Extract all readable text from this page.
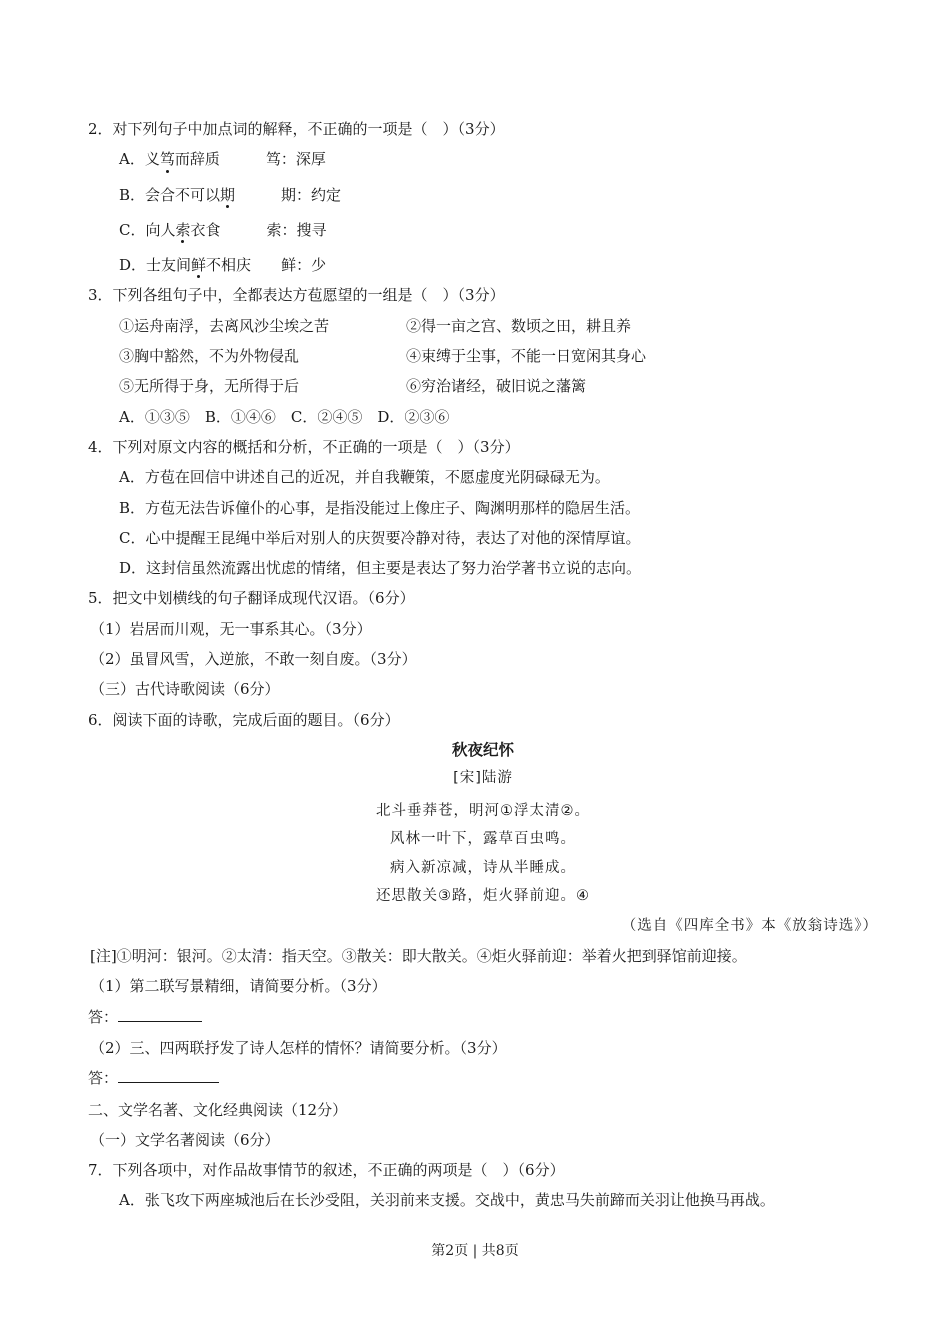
2．对下列句子中加点词的解释，不正确的一项是（　）（3分）
A．义笃而辞质	笃：深厚
B．会合不可以期	期：约定
C．向人索衣食	索：搜寻
D．士友间鲜不相庆 鲜：少
3．下列各组句子中，全都表达方苞愿望的一组是（　）（3分）
①运舟南浮，去离风沙尘埃之苦	②得一亩之宫、数顷之田，耕且养
③胸中豁然，不为外物侵乱	④束缚于尘事，不能一日宽闲其身心
⑤无所得于身，无所得于后	⑥穷治诸经，破旧说之藩篱
A．①③⑤　B．①④⑥　C．②④⑤　D．②③⑥
4．下列对原文内容的概括和分析，不正确的一项是（　）（3分）
A．方苞在回信中讲述自己的近况，并自我鞭策，不愿虚度光阴碌碌无为。
B．方苞无法告诉僮仆的心事，是指没能过上像庄子、陶渊明那样的隐居生活。
C．心中提醒王昆绳中举后对别人的庆贺要冷静对待，表达了对他的深情厚谊。
D．这封信虽然流露出忧虑的情绪，但主要是表达了努力治学著书立说的志向。
5．把文中划横线的句子翻译成现代汉语。（6分）
（1）岩居而川观，无一事系其心。（3分）
（2）虽冒风雪，入逆旅，不敢一刻自废。（3分）
（三）古代诗歌阅读（6分）
6．阅读下面的诗歌，完成后面的题目。（6分）
秋夜纪怀
[宋]陆游
北斗垂莽苍，明河①浮太清②。
风林一叶下，露草百虫鸣。
病入新凉减，诗从半睡成。
还思散关③路，炬火驿前迎。④
（选自《四库全书》本《放翁诗选》）
[注]①明河：银河。②太清：指天空。③散关：即大散关。④炬火驿前迎：举着火把到驿馆前迎接。
（1）第二联写景精细，请简要分析。（3分）
答：
（2）三、四两联抒发了诗人怎样的情怀？请简要分析。（3分）
答：
二、文学名著、文化经典阅读（12分）
（一）文学名著阅读（6分）
7．下列各项中，对作品故事情节的叙述，不正确的两项是（　）（6分）
A．张飞攻下两座城池后在长沙受阻，关羽前来支援。交战中，黄忠马失前蹄而关羽让他换马再战。
第2页 | 共8页
